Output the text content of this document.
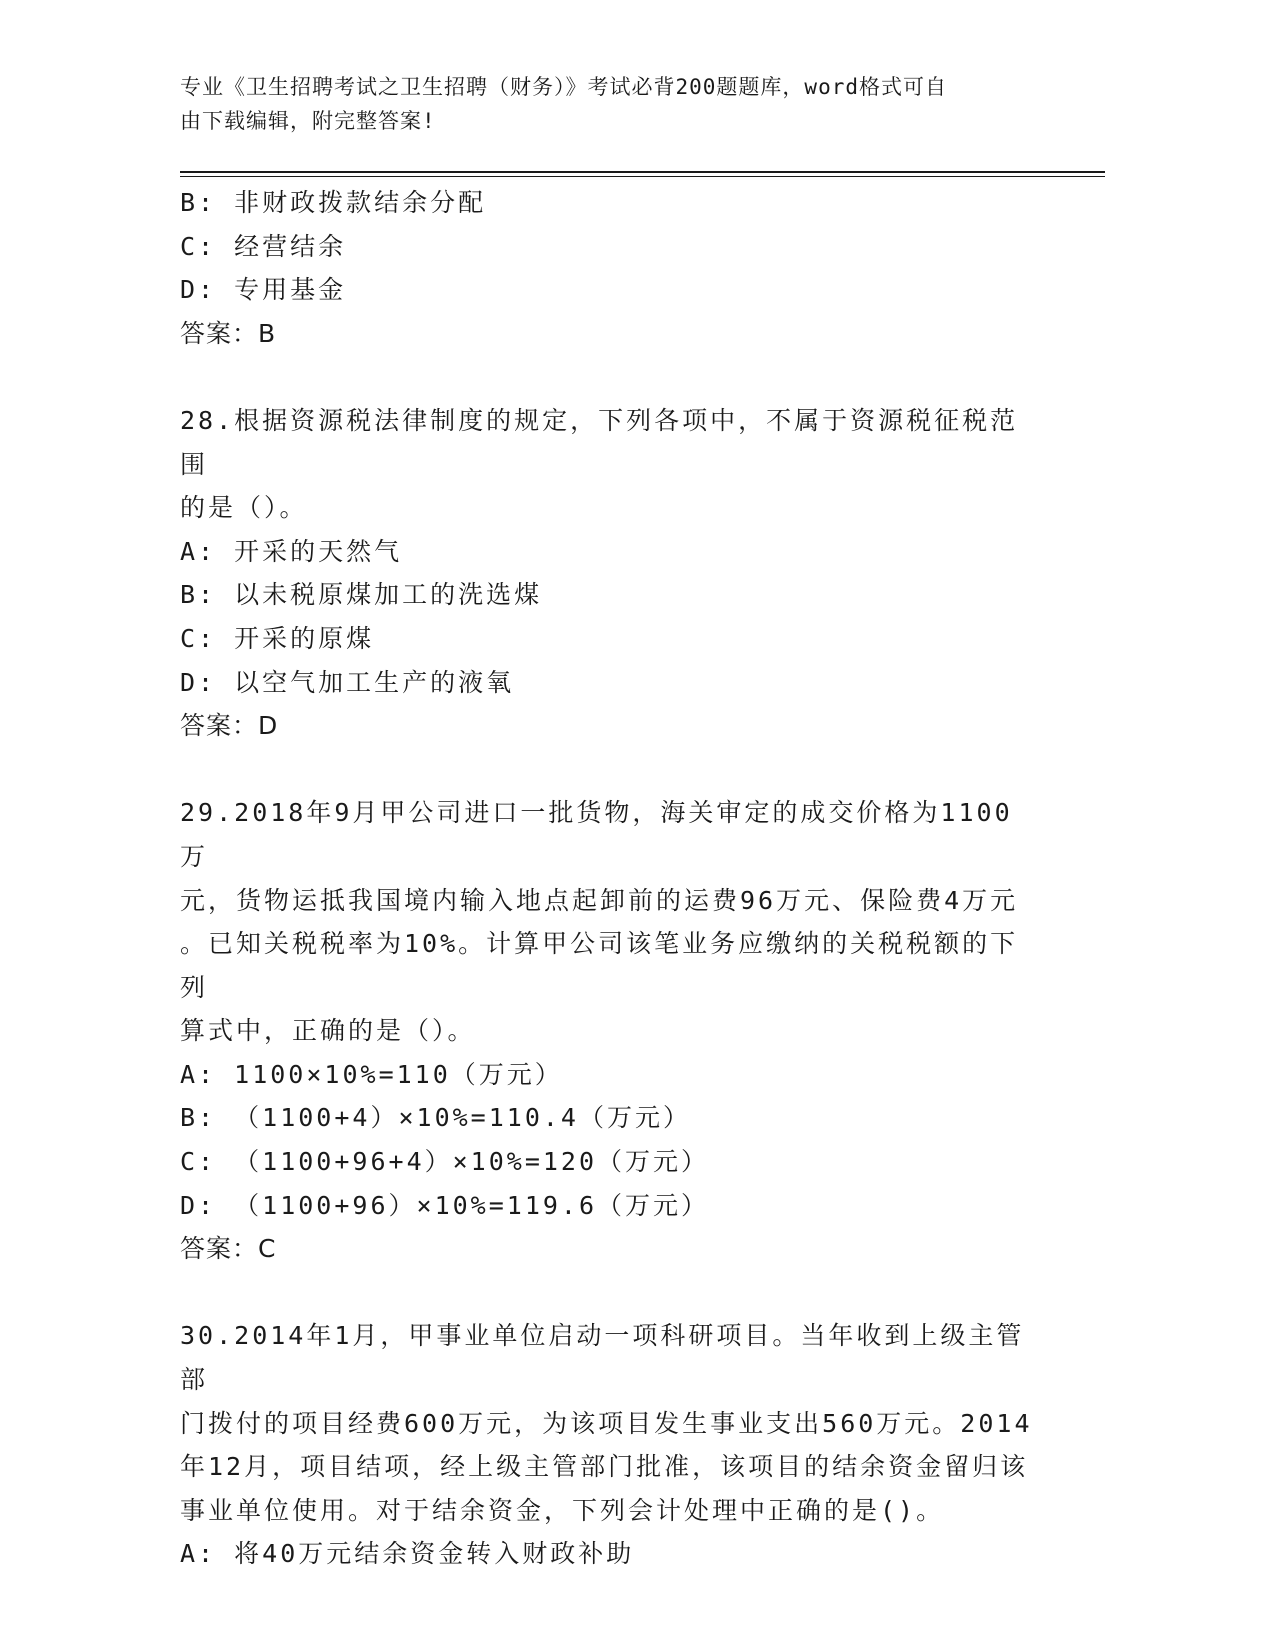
专业《卫生招聘考试之卫生招聘（财务）》考试必背200题题库，word格式可自
由下载编辑，附完整答案!
B: 非财政拨款结余分配
C: 经营结余
D: 专用基金
答案：B
28.根据资源税法律制度的规定，下列各项中，不属于资源税征税范围
的是（）。
A: 开采的天然气
B: 以未税原煤加工的洗选煤
C: 开采的原煤
D: 以空气加工生产的液氧
答案：D
29.2018年9月甲公司进口一批货物，海关审定的成交价格为1100万
元，货物运抵我国境内输入地点起卸前的运费96万元、保险费4万元
。已知关税税率为10%。计算甲公司该笔业务应缴纳的关税税额的下列
算式中，正确的是（）。
A: 1100×10%=110（万元）
B: （1100+4）×10%=110.4（万元）
C: （1100+96+4）×10%=120（万元）
D: （1100+96）×10%=119.6（万元）
答案：C
30.2014年1月，甲事业单位启动一项科研项目。当年收到上级主管部
门拨付的项目经费600万元，为该项目发生事业支出560万元。2014
年12月，项目结项，经上级主管部门批准，该项目的结余资金留归该
事业单位使用。对于结余资金，下列会计处理中正确的是()。
A: 将40万元结余资金转入财政补助
